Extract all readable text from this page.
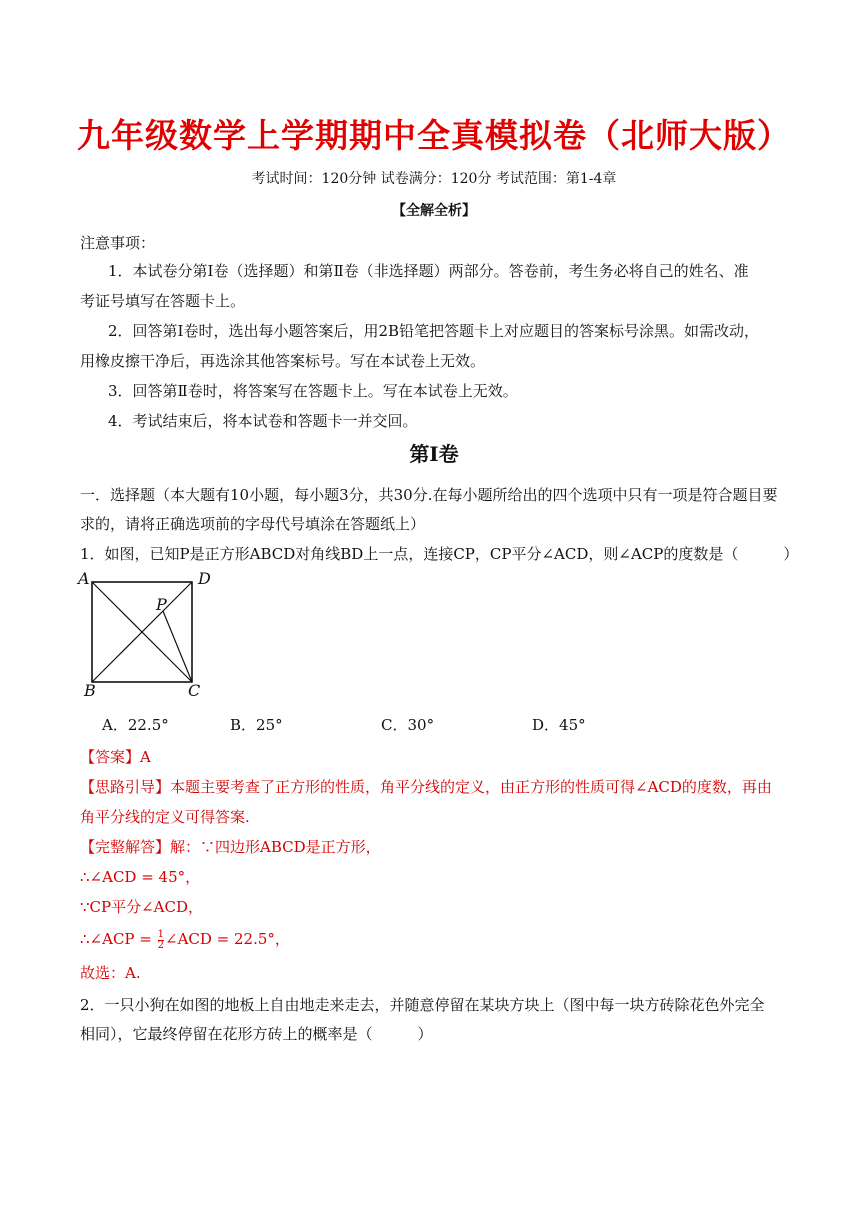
九年级数学上学期期中全真模拟卷（北师大版）
考试时间：120分钟 试卷满分：120分 考试范围：第1-4章
【全解全析】
注意事项：
1．本试卷分第Ⅰ卷（选择题）和第Ⅱ卷（非选择题）两部分。答卷前，考生务必将自己的姓名、准
考证号填写在答题卡上。
2．回答第Ⅰ卷时，选出每小题答案后，用2B铅笔把答题卡上对应题目的答案标号涂黑。如需改动，
用橡皮擦干净后，再选涂其他答案标号。写在本试卷上无效。
3．回答第Ⅱ卷时，将答案写在答题卡上。写在本试卷上无效。
4．考试结束后，将本试卷和答题卡一并交回。
第Ⅰ卷
一．选择题（本大题有10小题，每小题3分，共30分.在每小题所给出的四个选项中只有一项是符合题目要
求的，请将正确选项前的字母代号填涂在答题纸上）
1．如图，已知P是正方形ABCD对角线BD上一点，连接CP，CP平分∠ACD，则∠ACP的度数是（　　　）
A	D
B	C
P
A．22.5°	B．25°	C．30°	D．45°
【答案】A
【思路引导】本题主要考查了正方形的性质，角平分线的定义，由正方形的性质可得∠ACD的度数，再由
角平分线的定义可得答案.
【完整解答】解：∵四边形ABCD是正方形，
∴∠ACD = 45°，
∵CP平分∠ACD，
∴∠ACP = $\frac{1}{2}$ ∠ACD = 22.5°，
故选：A.
2．一只小狗在如图的地板上自由地走来走去，并随意停留在某块方块上（图中每一块方砖除花色外完全
相同），它最终停留在花形方砖上的概率是（　　　）
